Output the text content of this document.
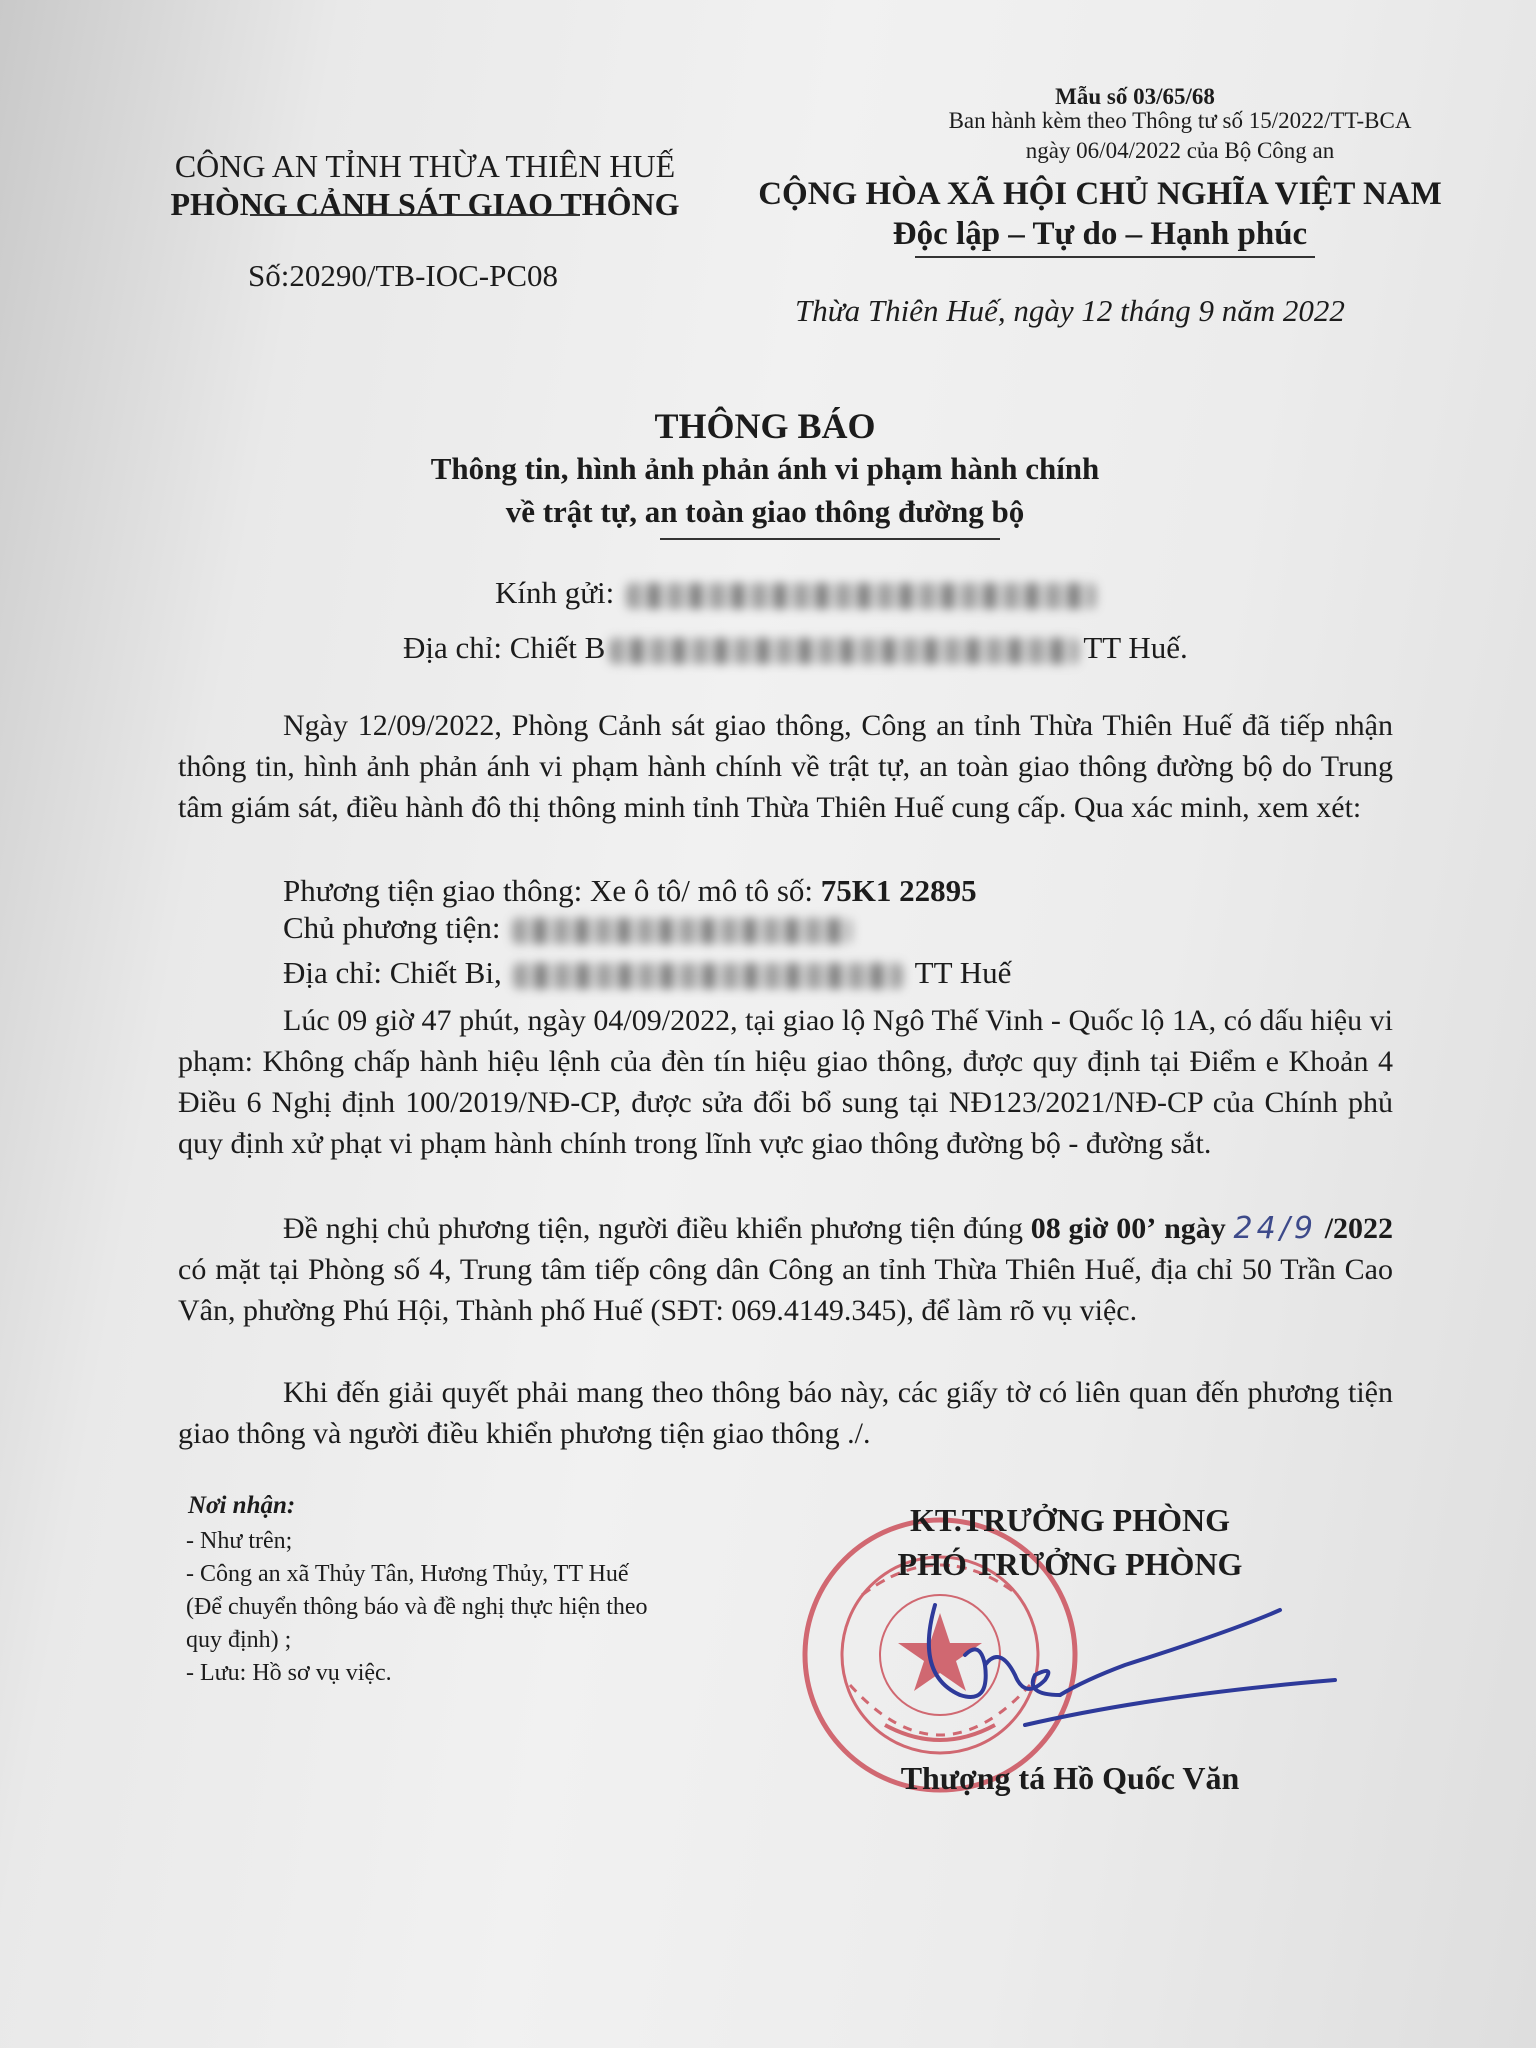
Mẫu số 03/65/68
Ban hành kèm theo Thông tư số 15/2022/TT-BCA
ngày 06/04/2022 của Bộ Công an
CÔNG AN TỈNH THỪA THIÊN HUẾ
PHÒNG CẢNH SÁT GIAO THÔNG
Số:20290/TB-IOC-PC08
CỘNG HÒA XÃ HỘI CHỦ NGHĨA VIỆT NAM
Độc lập – Tự do – Hạnh phúc
Thừa Thiên Huế, ngày 12 tháng 9 năm 2022
THÔNG BÁO
Thông tin, hình ảnh phản ánh vi phạm hành chính
về trật tự, an toàn giao thông đường bộ
Kính gửi:
Địa chỉ: Chiết B	TT Huế.

Ngày 12/09/2022, Phòng Cảnh sát giao thông, Công an tỉnh Thừa Thiên Huế đã tiếp nhận thông tin, hình ảnh phản ánh vi phạm hành chính về trật tự, an toàn giao thông đường bộ do Trung tâm giám sát, điều hành đô thị thông minh tỉnh Thừa Thiên Huế cung cấp. Qua xác minh, xem xét:

Phương tiện giao thông: Xe ô tô/ mô tô số: 75K1 22895
Chủ phương tiện:
Địa chỉ: Chiết Bi,	TT Huế

Lúc 09 giờ 47 phút, ngày 04/09/2022, tại giao lộ Ngô Thế Vinh - Quốc lộ 1A, có dấu hiệu vi phạm: Không chấp hành hiệu lệnh của đèn tín hiệu giao thông, được quy định tại Điểm e Khoản 4 Điều 6 Nghị định 100/2019/NĐ-CP, được sửa đổi bổ sung tại NĐ123/2021/NĐ-CP của Chính phủ quy định xử phạt vi phạm hành chính trong lĩnh vực giao thông đường bộ - đường sắt.

Đề nghị chủ phương tiện, người điều khiển phương tiện đúng 08 giờ 00’ ngày 24/9 /2022 có mặt tại Phòng số 4, Trung tâm tiếp công dân Công an tỉnh Thừa Thiên Huế, địa chỉ 50 Trần Cao Vân, phường Phú Hội, Thành phố Huế (SĐT: 069.4149.345), để làm rõ vụ việc.

Khi đến giải quyết phải mang theo thông báo này, các giấy tờ có liên quan đến phương tiện giao thông và người điều khiển phương tiện giao thông ./.

Nơi nhận:
- Như trên;
- Công an xã Thủy Tân, Hương Thủy, TT Huế
(Để chuyển thông báo và đề nghị thực hiện theo
quy định) ;
- Lưu: Hồ sơ vụ việc.
KT.TRƯỞNG PHÒNG
PHÓ TRƯỞNG PHÒNG
Thượng tá Hồ Quốc Văn
